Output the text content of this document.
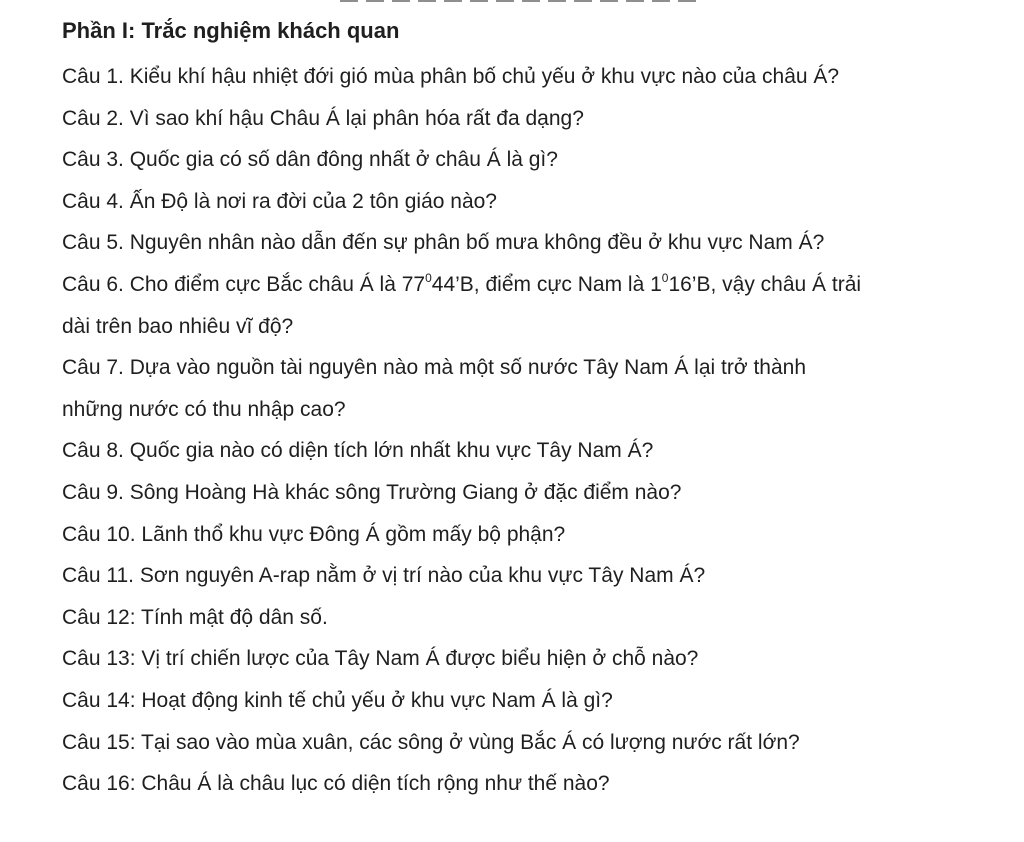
Phần I: Trắc nghiệm khách quan
Câu 1. Kiểu khí hậu nhiệt đới gió mùa phân bố chủ yếu ở khu vực nào của châu Á?
Câu 2. Vì sao khí hậu Châu Á lại phân hóa rất đa dạng?
Câu 3. Quốc gia có số dân đông nhất ở châu Á là gì?
Câu 4. Ấn Độ là nơi ra đời của 2 tôn giáo nào?
Câu 5. Nguyên nhân nào dẫn đến sự phân bố mưa không đều ở khu vực Nam Á?
Câu 6. Cho điểm cực Bắc châu Á là $77^044’B$, điểm cực Nam là $1^016’B$, vậy châu Á trải
dài trên bao nhiêu vĩ độ?
Câu 7. Dựa vào nguồn tài nguyên nào mà một số nước Tây Nam Á lại trở thành
những nước có thu nhập cao?
Câu 8. Quốc gia nào có diện tích lớn nhất khu vực Tây Nam Á?
Câu 9. Sông Hoàng Hà khác sông Trường Giang ở đặc điểm nào?
Câu 10. Lãnh thổ khu vực Đông Á gồm mấy bộ phận?
Câu 11. Sơn nguyên A-rap nằm ở vị trí nào của khu vực Tây Nam Á?
Câu 12: Tính mật độ dân số.
Câu 13: Vị trí chiến lược của Tây Nam Á được biểu hiện ở chỗ nào?
Câu 14: Hoạt động kinh tế chủ yếu ở khu vực Nam Á là gì?
Câu 15: Tại sao vào mùa xuân, các sông ở vùng Bắc Á có lượng nước rất lớn?
Câu 16: Châu Á là châu lục có diện tích rộng như thế nào?
